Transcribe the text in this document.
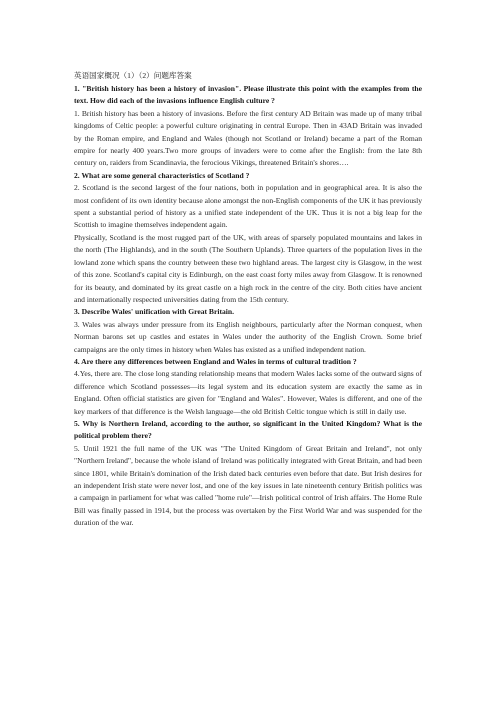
英语国家概况（1）（2）问题库答案

1. "British history has been a history of invasion". Please illustrate this point with the examples from the text. How did each of the invasions influence English culture ?

1. British history has been a history of invasions. Before the first century AD Britain was made up of many tribal kingdoms of Celtic people: a powerful culture originating in central Europe. Then in 43AD Britain was invaded by the Roman empire, and England and Wales (though not Scotland or Ireland) became a part of the Roman empire for nearly 400 years.Two more groups of invaders were to come after the English: from the late 8th century on, raiders from Scandinavia, the ferocious Vikings, threatened Britain's shores….

2. What are some general characteristics of Scotland ?

2. Scotland is the second largest of the four nations, both in population and in geographical area. It is also the most confident of its own identity because alone amongst the non-English components of the UK it has previously spent a substantial period of history as a unified state independent of the UK. Thus it is not a big leap for the Scottish to imagine themselves independent again.

Physically, Scotland is the most rugged part of the UK, with areas of sparsely populated mountains and lakes in the north (The Highlands), and in the south (The Southern Uplands). Three quarters of the population lives in the lowland zone which spans the country between these two highland areas. The largest city is Glasgow, in the west of this zone. Scotland's capital city is Edinburgh, on the east coast forty miles away from Glasgow. It is renowned for its beauty, and dominated by its great castle on a high rock in the centre of the city. Both cities have ancient and internationally respected universities dating from the 15th century.

3. Describe Wales' unification with Great Britain.

3. Wales was always under pressure from its English neighbours, particularly after the Norman conquest, when Norman barons set up castles and estates in Wales under the authority of the English Crown. Some brief campaigns are the only times in history when Wales has existed as a unified independent nation.

4. Are there any differences between England and Wales in terms of cultural tradition ?

4.Yes, there are. The close long standing relationship means that modern Wales lacks some of the outward signs of difference which Scotland possesses—its legal system and its education system are exactly the same as in England. Often official statistics are given for "England and Wales". However, Wales is different, and one of the key markers of that difference is the Welsh language—the old British Celtic tongue which is still in daily use.

5. Why is Northern Ireland, according to the author, so significant in the United Kingdom? What is the political problem there?

5. Until 1921 the full name of the UK was "The United Kingdom of Great Britain and Ireland", not only "Northern Ireland", because the whole island of Ireland was politically integrated with Great Britain, and had been since 1801, while Britain's domination of the Irish dated back centuries even before that date. But Irish desires for an independent Irish state were never lost, and one of the key issues in late nineteenth century British politics was a campaign in parliament for what was called "home rule"—Irish political control of Irish affairs. The Home Rule Bill was finally passed in 1914, but the process was overtaken by the First World War and was suspended for the duration of the war.
